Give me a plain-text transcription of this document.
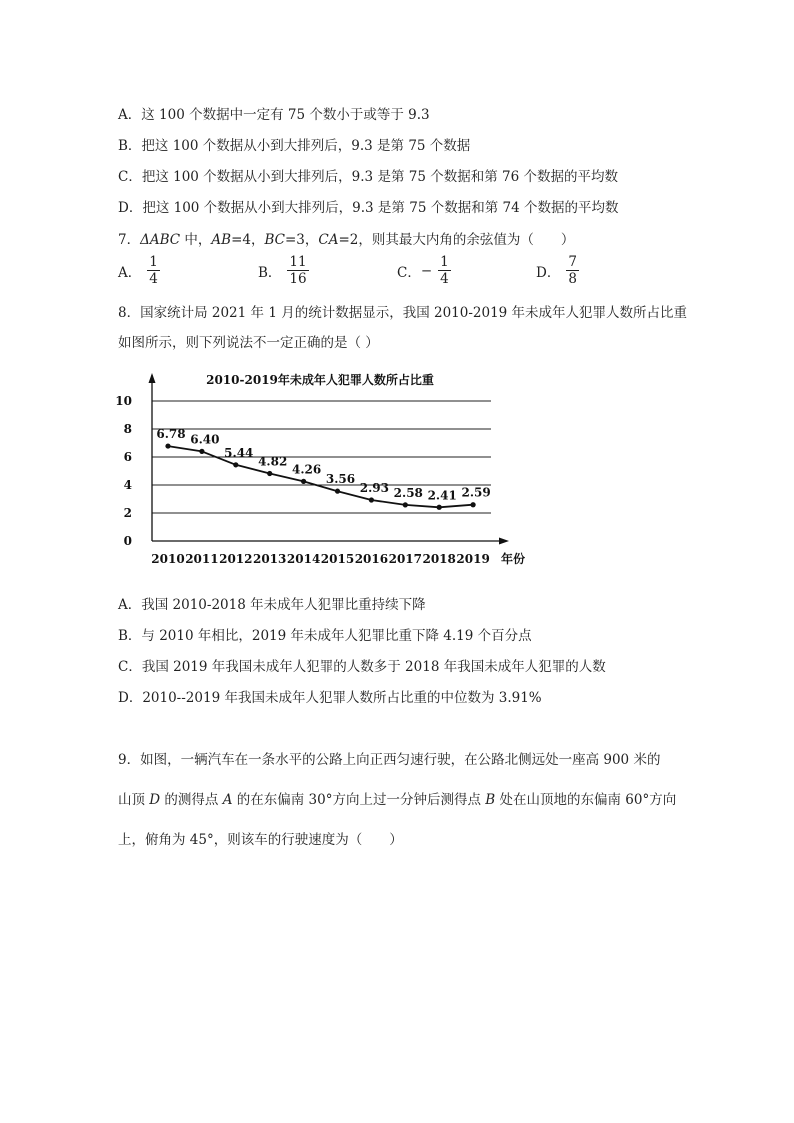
A．这 100 个数据中一定有 75 个数小于或等于 9.3
B．把这 100 个数据从小到大排列后，9.3 是第 75 个数据
C．把这 100 个数据从小到大排列后，9.3 是第 75 个数据和第 76 个数据的平均数
D．把这 100 个数据从小到大排列后，9.3 是第 75 个数据和第 74 个数据的平均数
7．ΔABC 中，AB=4，BC=3，CA=2，则其最大内角的余弦值为（　　）
A． $\frac{1}{4}$	B． $\frac{11}{16}$	C． − $\frac{1}{4}$	D． $\frac{7}{8}$
8．国家统计局 2021 年 1 月的统计数据显示，我国 2010-2019 年未成年人犯罪人数所占比重
如图所示，则下列说法不一定正确的是（ ）
0
2
4
6
8
10
2010 2011 2012 2013 2014 2015 2016 2017 2018 2019
6.78 6.40
5.44
4.82
4.26
3.56
2.93 2.58 2.41 2.59
2010-2019年未成年人犯罪人数所占比重
年份
A．我国 2010-2018 年未成年人犯罪比重持续下降
B．与 2010 年相比，2019 年未成年人犯罪比重下降 4.19 个百分点
C．我国 2019 年我国未成年人犯罪的人数多于 2018 年我国未成年人犯罪的人数
D．2010--2019 年我国未成年人犯罪人数所占比重的中位数为 3.91%
9．如图，一辆汽车在一条水平的公路上向正西匀速行驶，在公路北侧远处一座高 900 米的
山顶 D 的测得点 A 的在东偏南 30°方向上过一分钟后测得点 B 处在山顶地的东偏南 60°方向
上，俯角为 45°，则该车的行驶速度为（　　）
